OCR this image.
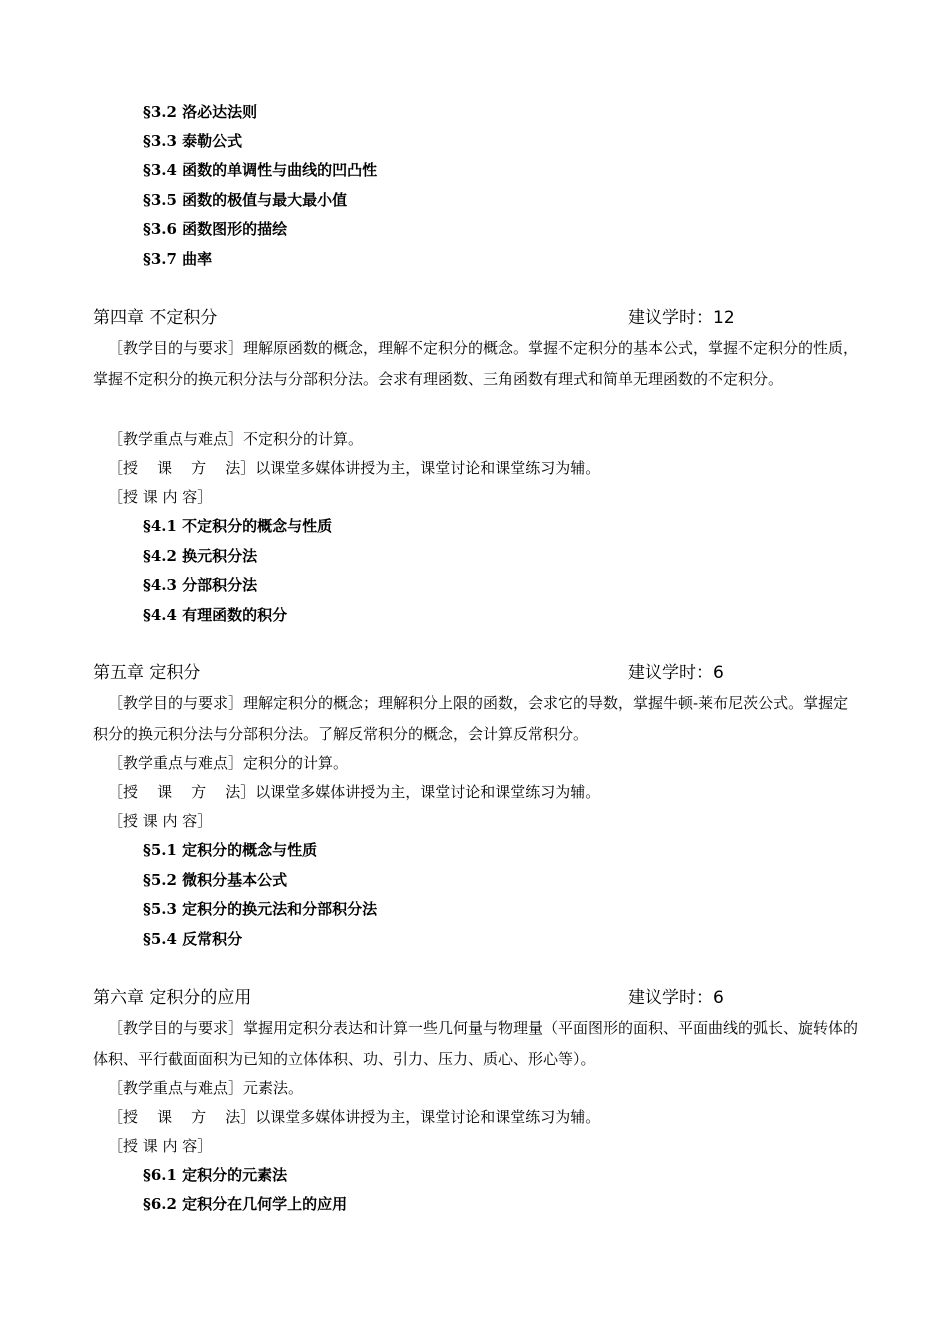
§3.2 洛必达法则
§3.3 泰勒公式
§3.4 函数的单调性与曲线的凹凸性
§3.5 函数的极值与最大最小值
§3.6 函数图形的描绘
§3.7 曲率
第四章 不定积分	建议学时：12
［教学目的与要求］理解原函数的概念，理解不定积分的概念。掌握不定积分的基本公式，掌握不定积分的性质，掌握不定积分的换元积分法与分部积分法。会求有理函数、三角函数有理式和简单无理函数的不定积分。
［教学重点与难点］不定积分的计算。
［授    课    方    法］以课堂多媒体讲授为主，课堂讨论和课堂练习为辅。
［授 课 内 容］
§4.1 不定积分的概念与性质
§4.2 换元积分法
§4.3 分部积分法
§4.4 有理函数的积分
第五章 定积分	建议学时：6
［教学目的与要求］理解定积分的概念；理解积分上限的函数，会求它的导数，掌握牛顿-莱布尼茨公式。掌握定积分的换元积分法与分部积分法。了解反常积分的概念，会计算反常积分。
［教学重点与难点］定积分的计算。
［授    课    方    法］以课堂多媒体讲授为主，课堂讨论和课堂练习为辅。
［授 课 内 容］
§5.1 定积分的概念与性质
§5.2 微积分基本公式
§5.3 定积分的换元法和分部积分法
§5.4 反常积分
第六章 定积分的应用	建议学时：6
［教学目的与要求］掌握用定积分表达和计算一些几何量与物理量（平面图形的面积、平面曲线的弧长、旋转体的体积、平行截面面积为已知的立体体积、功、引力、压力、质心、形心等）。
［教学重点与难点］元素法。
［授    课    方    法］以课堂多媒体讲授为主，课堂讨论和课堂练习为辅。
［授 课 内 容］
§6.1 定积分的元素法
§6.2 定积分在几何学上的应用
